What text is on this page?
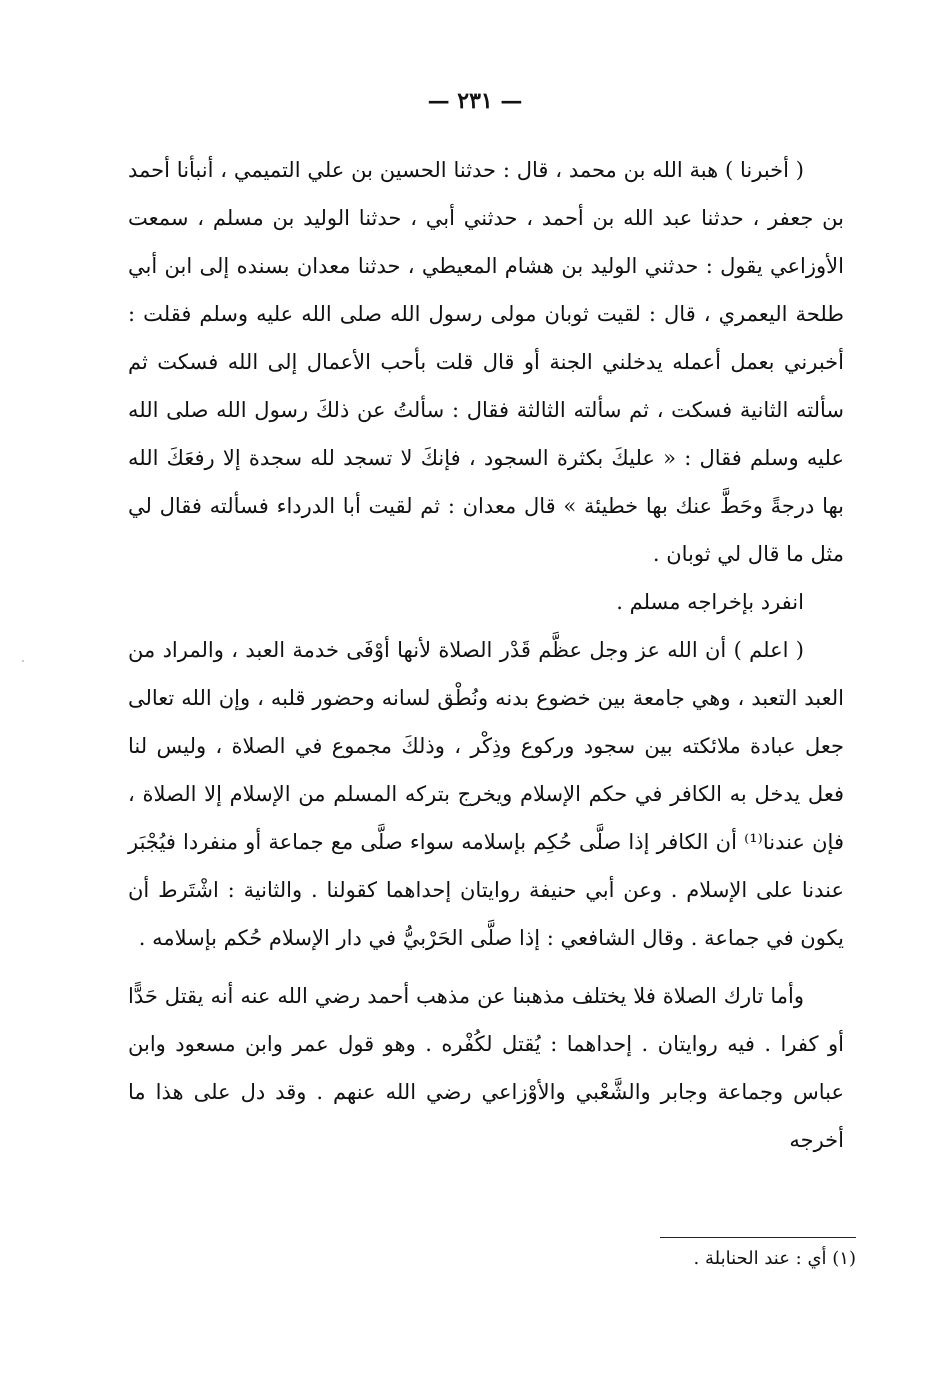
— ٢٣١ —

( أخبرنا ) هبة الله بن محمد ، قال : حدثنا الحسين بن علي التميمي ، أنبأنا أحمد بن جعفر ، حدثنا عبد الله بن أحمد ، حدثني أبي ، حدثنا الوليد بن مسلم ، سمعت الأوزاعي يقول : حدثني الوليد بن هشام المعيطي ، حدثنا معدان بسنده إلى ابن أبي طلحة اليعمري ، قال : لقيت ثوبان مولى رسول الله صلى الله عليه وسلم فقلت : أخبرني بعمل أعمله يدخلني الجنة أو قال قلت بأحب الأعمال إلى الله فسكت ثم سألته الثانية فسكت ، ثم سألته الثالثة فقال : سألتُ عن ذلكَ رسول الله صلى الله عليه وسلم فقال : « عليكَ بكثرة السجود ، فإنكَ لا تسجد لله سجدة إلا رفعَكَ الله بها درجةً وحَطَّ عنك بها خطيئة » قال معدان : ثم لقيت أبا الدرداء فسألته فقال لي مثل ما قال لي ثوبان .

انفرد بإخراجه مسلم .

( اعلم ) أن الله عز وجل عظَّم قَدْر الصلاة لأنها أوْفَى خدمة العبد ، والمراد من العبد التعبد ، وهي جامعة بين خضوع بدنه ونُطْق لسانه وحضور قلبه ، وإن الله تعالى جعل عبادة ملائكته بين سجود وركوع وذِكْر ، وذلكَ مجموع في الصلاة ، وليس لنا فعل يدخل به الكافر في حكم الإسلام ويخرج بتركه المسلم من الإسلام إلا الصلاة ، فإن عندنا⁽¹⁾ أن الكافر إذا صلَّى حُكِم بإسلامه سواء صلَّى مع جماعة أو منفردا فيُجْبَر عندنا على الإسلام . وعن أبي حنيفة روايتان إحداهما كقولنا . والثانية : اشْتَرط أن يكون في جماعة . وقال الشافعي : إذا صلَّى الحَرْبيُّ في دار الإسلام حُكم بإسلامه .

وأما تارك الصلاة فلا يختلف مذهبنا عن مذهب أحمد رضي الله عنه أنه يقتل حَدًّا أو كفرا . فيه روايتان . إحداهما : يُقتل لكُفْره . وهو قول عمر وابن مسعود وابن عباس وجماعة وجابر والشَّعْبي والأوْزاعي رضي الله عنهم . وقد دل على هذا ما أخرجه

(١) أي : عند الحنابلة .
